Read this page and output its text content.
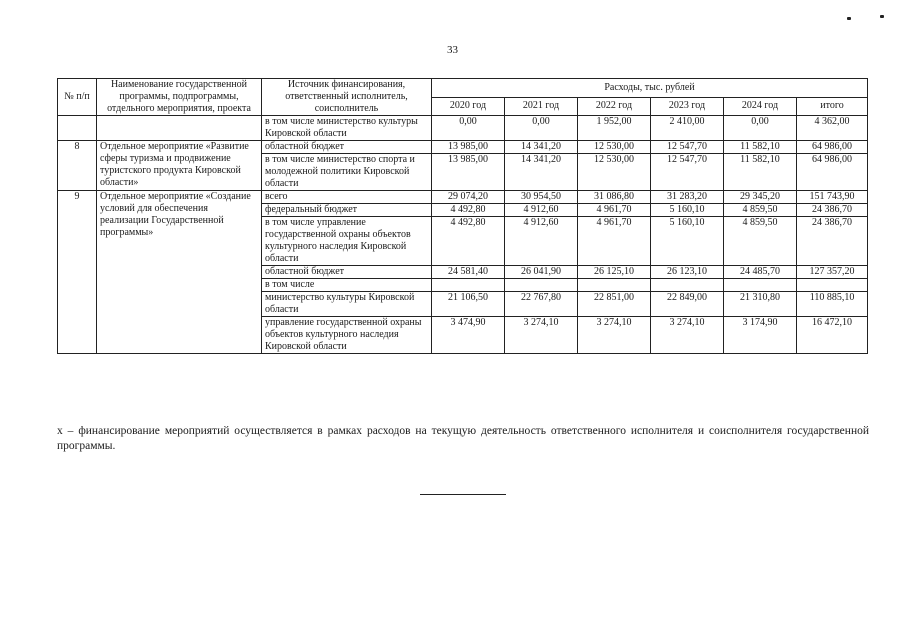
33
№ п/п	Наименование государственной программы, подпрограммы, отдельного мероприятия, проекта	Источник финансирования, ответственный исполнитель, соисполнитель	Расходы, тыс. рублей					
			2020 год	2021 год	2022 год	2023 год	2024 год	итого
		в том числе министерство культуры Кировской области	0,00	0,00	1 952,00	2 410,00	0,00	4 362,00
8	Отдельное мероприятие «Развитие сферы туризма и продвижение туристского продукта Кировской области»	областной бюджет	13 985,00	14 341,20	12 530,00	12 547,70	11 582,10	64 986,00
		в том числе министерство спорта и молодежной политики Кировской области	13 985,00	14 341,20	12 530,00	12 547,70	11 582,10	64 986,00
9	Отдельное мероприятие «Создание условий для обеспечения реализации Государственной программы»	всего	29 074,20	30 954,50	31 086,80	31 283,20	29 345,20	151 743,90
		федеральный бюджет	4 492,80	4 912,60	4 961,70	5 160,10	4 859,50	24 386,70
		в том числе управление государственной охраны объектов культурного наследия Кировской области	4 492,80	4 912,60	4 961,70	5 160,10	4 859,50	24 386,70
		областной бюджет	24 581,40	26 041,90	26 125,10	26 123,10	24 485,70	127 357,20
		в том числе						
		министерство культуры Кировской области	21 106,50	22 767,80	22 851,00	22 849,00	21 310,80	110 885,10
		управление государственной охраны объектов культурного наследия Кировской области	3 474,90	3 274,10	3 274,10	3 274,10	3 174,90	16 472,10
х – финансирование мероприятий осуществляется в рамках расходов на текущую деятельность ответственного исполнителя и соисполнителя государственной программы.
